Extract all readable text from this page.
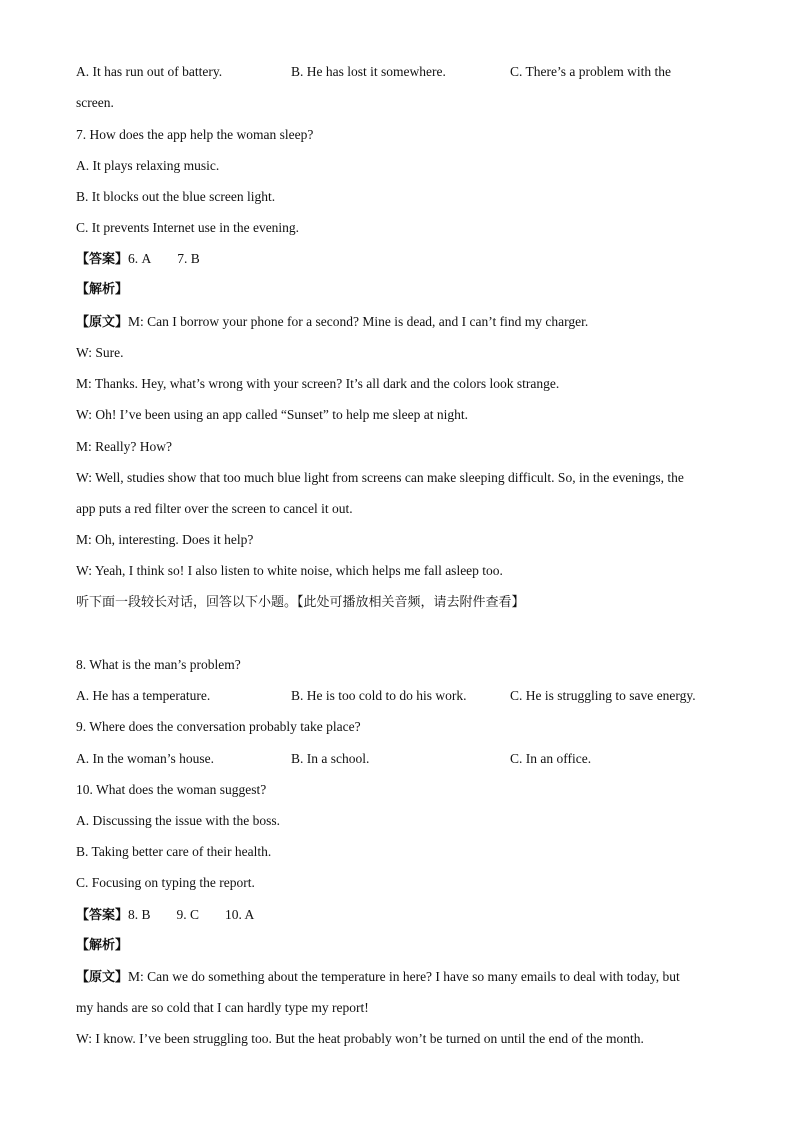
A. It has run out of battery.	B. He has lost it somewhere.	C. There’s a problem with the
screen.
7. How does the app help the woman sleep?
A. It plays relaxing music.
B. It blocks out the blue screen light.
C. It prevents Internet use in the evening.
【答案】6. A 7. B
【解析】
【原文】M: Can I borrow your phone for a second? Mine is dead, and I can’t find my charger.
W: Sure.
M: Thanks. Hey, what’s wrong with your screen? It’s all dark and the colors look strange.
W: Oh! I’ve been using an app called “Sunset” to help me sleep at night.
M: Really? How?
W: Well, studies show that too much blue light from screens can make sleeping difficult. So, in the evenings, the
app puts a red filter over the screen to cancel it out.
M: Oh, interesting. Does it help?
W: Yeah, I think so! I also listen to white noise, which helps me fall asleep too.
听下面一段较长对话，回答以下小题。【此处可播放相关音频，请去附件查看】
8. What is the man’s problem?
A. He has a temperature.	B. He is too cold to do his work.	C. He is struggling to save energy.
9. Where does the conversation probably take place?
A. In the woman’s house.	B. In a school.	C. In an office.
10. What does the woman suggest?
A. Discussing the issue with the boss.
B. Taking better care of their health.
C. Focusing on typing the report.
【答案】8. B 9. C 10. A
【解析】
【原文】M: Can we do something about the temperature in here? I have so many emails to deal with today, but
my hands are so cold that I can hardly type my report!
W: I know. I’ve been struggling too. But the heat probably won’t be turned on until the end of the month.
